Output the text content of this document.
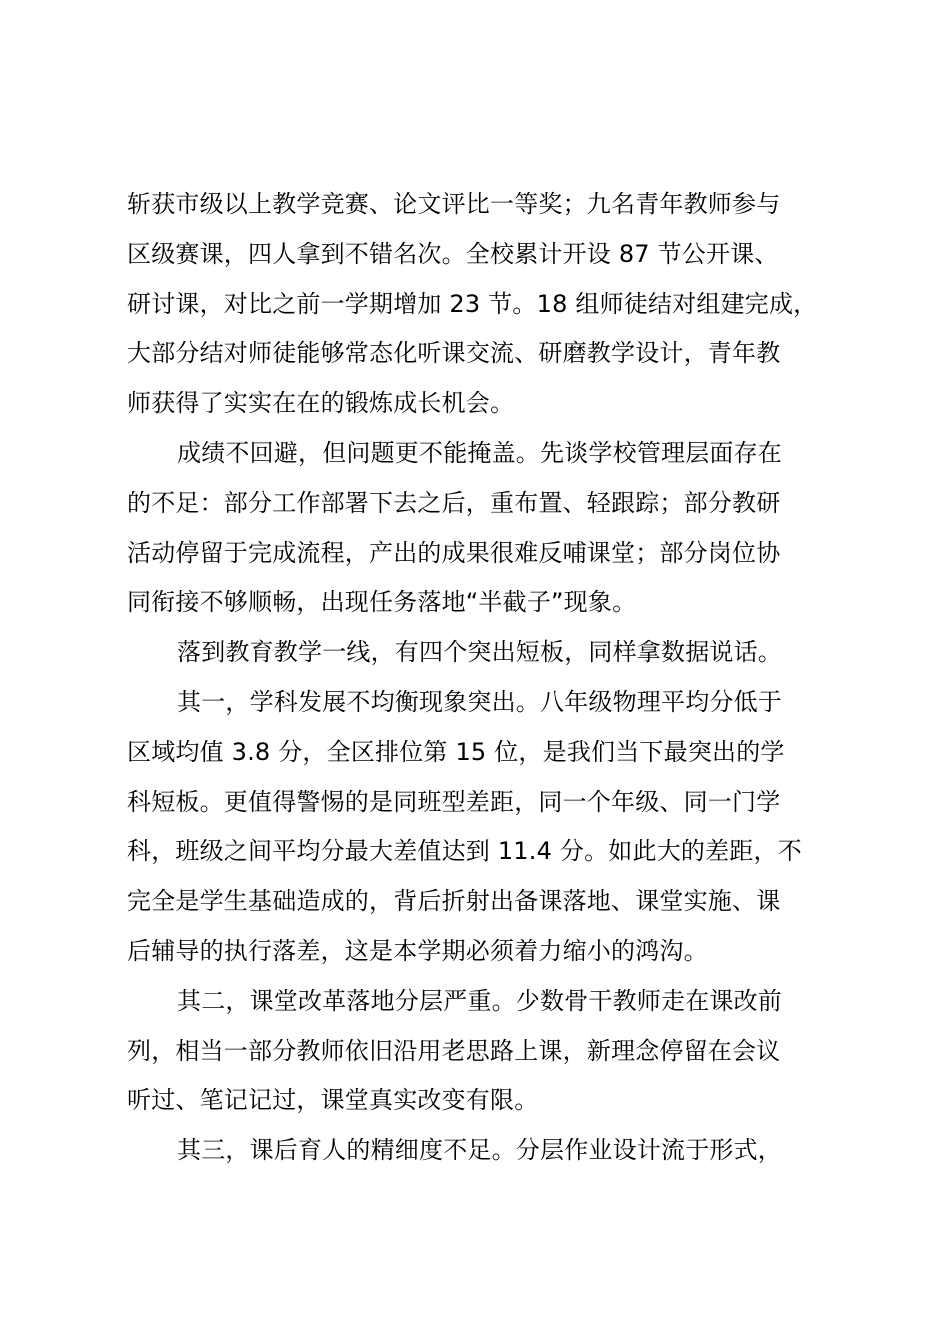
斩获市级以上教学竞赛、论文评比一等奖；九名青年教师参与
区级赛课，四人拿到不错名次。全校累计开设 87 节公开课、
研讨课，对比之前一学期增加 23 节。18 组师徒结对组建完成，
大部分结对师徒能够常态化听课交流、研磨教学设计，青年教
师获得了实实在在的锻炼成长机会。
成绩不回避，但问题更不能掩盖。先谈学校管理层面存在
的不足：部分工作部署下去之后，重布置、轻跟踪；部分教研
活动停留于完成流程，产出的成果很难反哺课堂；部分岗位协
同衔接不够顺畅，出现任务落地“半截子”现象。
落到教育教学一线，有四个突出短板，同样拿数据说话。
其一，学科发展不均衡现象突出。八年级物理平均分低于
区域均值 3.8 分，全区排位第 15 位，是我们当下最突出的学
科短板。更值得警惕的是同班型差距，同一个年级、同一门学
科，班级之间平均分最大差值达到 11.4 分。如此大的差距，不
完全是学生基础造成的，背后折射出备课落地、课堂实施、课
后辅导的执行落差，这是本学期必须着力缩小的鸿沟。
其二，课堂改革落地分层严重。少数骨干教师走在课改前
列，相当一部分教师依旧沿用老思路上课，新理念停留在会议
听过、笔记记过，课堂真实改变有限。
其三，课后育人的精细度不足。分层作业设计流于形式，
